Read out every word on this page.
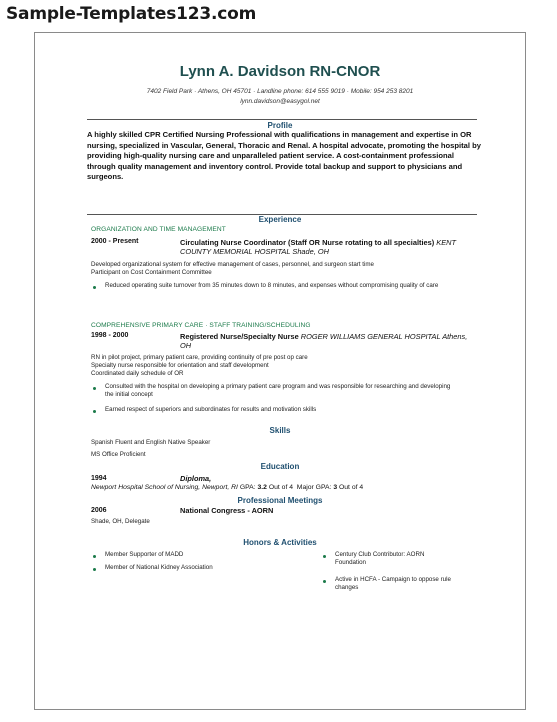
Sample-Templates123.com
Lynn A. Davidson RN-CNOR
7402 Field Park · Athens, OH 45701 · Landline phone: 614 555 9019 · Mobile: 954 253 8201
lynn.davidson@easygol.net
Profile
A highly skilled CPR Certified Nursing Professional with qualifications in management and expertise in OR nursing, specialized in Vascular, General, Thoracic and Renal. A hospital advocate, promoting the hospital by providing high-quality nursing care and unparalleled patient service. A cost-containment professional through quality management and inventory control. Provide total backup and support to physicians and surgeons.
Experience
ORGANIZATION AND TIME MANAGEMENT
2000 - Present	Circulating Nurse Coordinator (Staff OR Nurse rotating to all specialties) KENT COUNTY MEMORIAL HOSPITAL Shade, OH
Developed organizational system for effective management of cases, personnel, and surgeon start time
Participant on Cost Containment Committee
Reduced operating suite turnover from 35 minutes down to 8 minutes, and expenses without compromising quality of care
COMPREHENSIVE PRIMARY CARE · STAFF TRAINING/SCHEDULING
1998 - 2000	Registered Nurse/Specialty Nurse ROGER WILLIAMS GENERAL HOSPITAL Athens, OH
RN in pilot project, primary patient care, providing continuity of pre post op care
Specialty nurse responsible for orientation and staff development
Coordinated daily schedule of OR
Consulted with the hospital on developing a primary patient care program and was responsible for researching and developing the initial concept
Earned respect of superiors and subordinates for results and motivation skills
Skills
Spanish Fluent and English Native Speaker
MS Office Proficient
Education
1994	Diploma,
Newport Hospital School of Nursing, Newport, RI GPA: 3.2 Out of 4 Major GPA: 3 Out of 4
Professional Meetings
2006	National Congress - AORN
Shade, OH, Delegate
Honors & Activities
Member Supporter of MADD
Member of National Kidney Association
Century Club Contributor: AORN Foundation
Active in HCFA - Campaign to oppose rule changes
